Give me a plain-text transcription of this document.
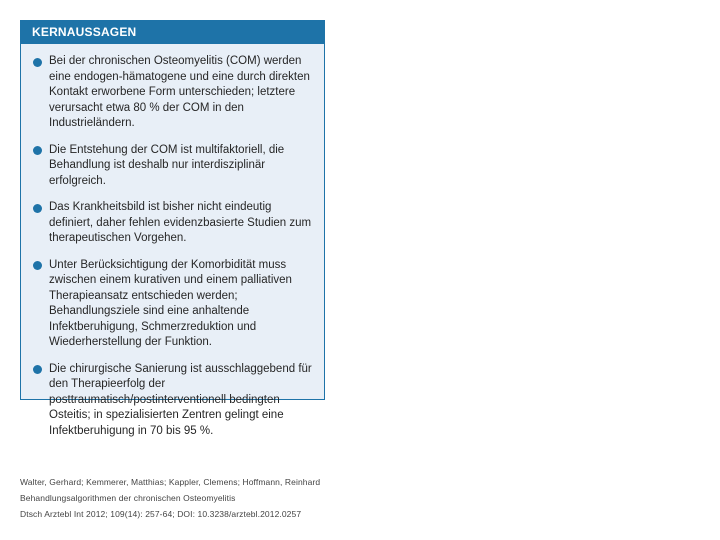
KERNAUSSAGEN
Bei der chronischen Osteomyelitis (COM) werden eine endogen-hämatogene und eine durch direkten Kontakt erworbene Form unterschieden; letztere verursacht etwa 80 % der COM in den Industrieländern.
Die Entstehung der COM ist multifaktoriell, die Behandlung ist deshalb nur interdisziplinär erfolgreich.
Das Krankheitsbild ist bisher nicht eindeutig definiert, daher fehlen evidenzbasierte Studien zum therapeutischen Vorgehen.
Unter Berücksichtigung der Komorbidität muss zwischen einem kurativen und einem palliativen Therapieansatz entschieden werden; Behandlungsziele sind eine anhaltende Infektberuhigung, Schmerzreduktion und Wiederherstellung der Funktion.
Die chirurgische Sanierung ist ausschlaggebend für den Therapieerfolg der posttraumatisch/postinterventionell bedingten Osteitis; in spezialisierten Zentren gelingt eine Infektberuhigung in 70 bis 95 %.
Walter, Gerhard; Kemmerer, Matthias; Kappler, Clemens; Hoffmann, Reinhard
Behandlungsalgorithmen der chronischen Osteomyelitis
Dtsch Arztebl Int 2012; 109(14): 257-64; DOI: 10.3238/arztebl.2012.0257
